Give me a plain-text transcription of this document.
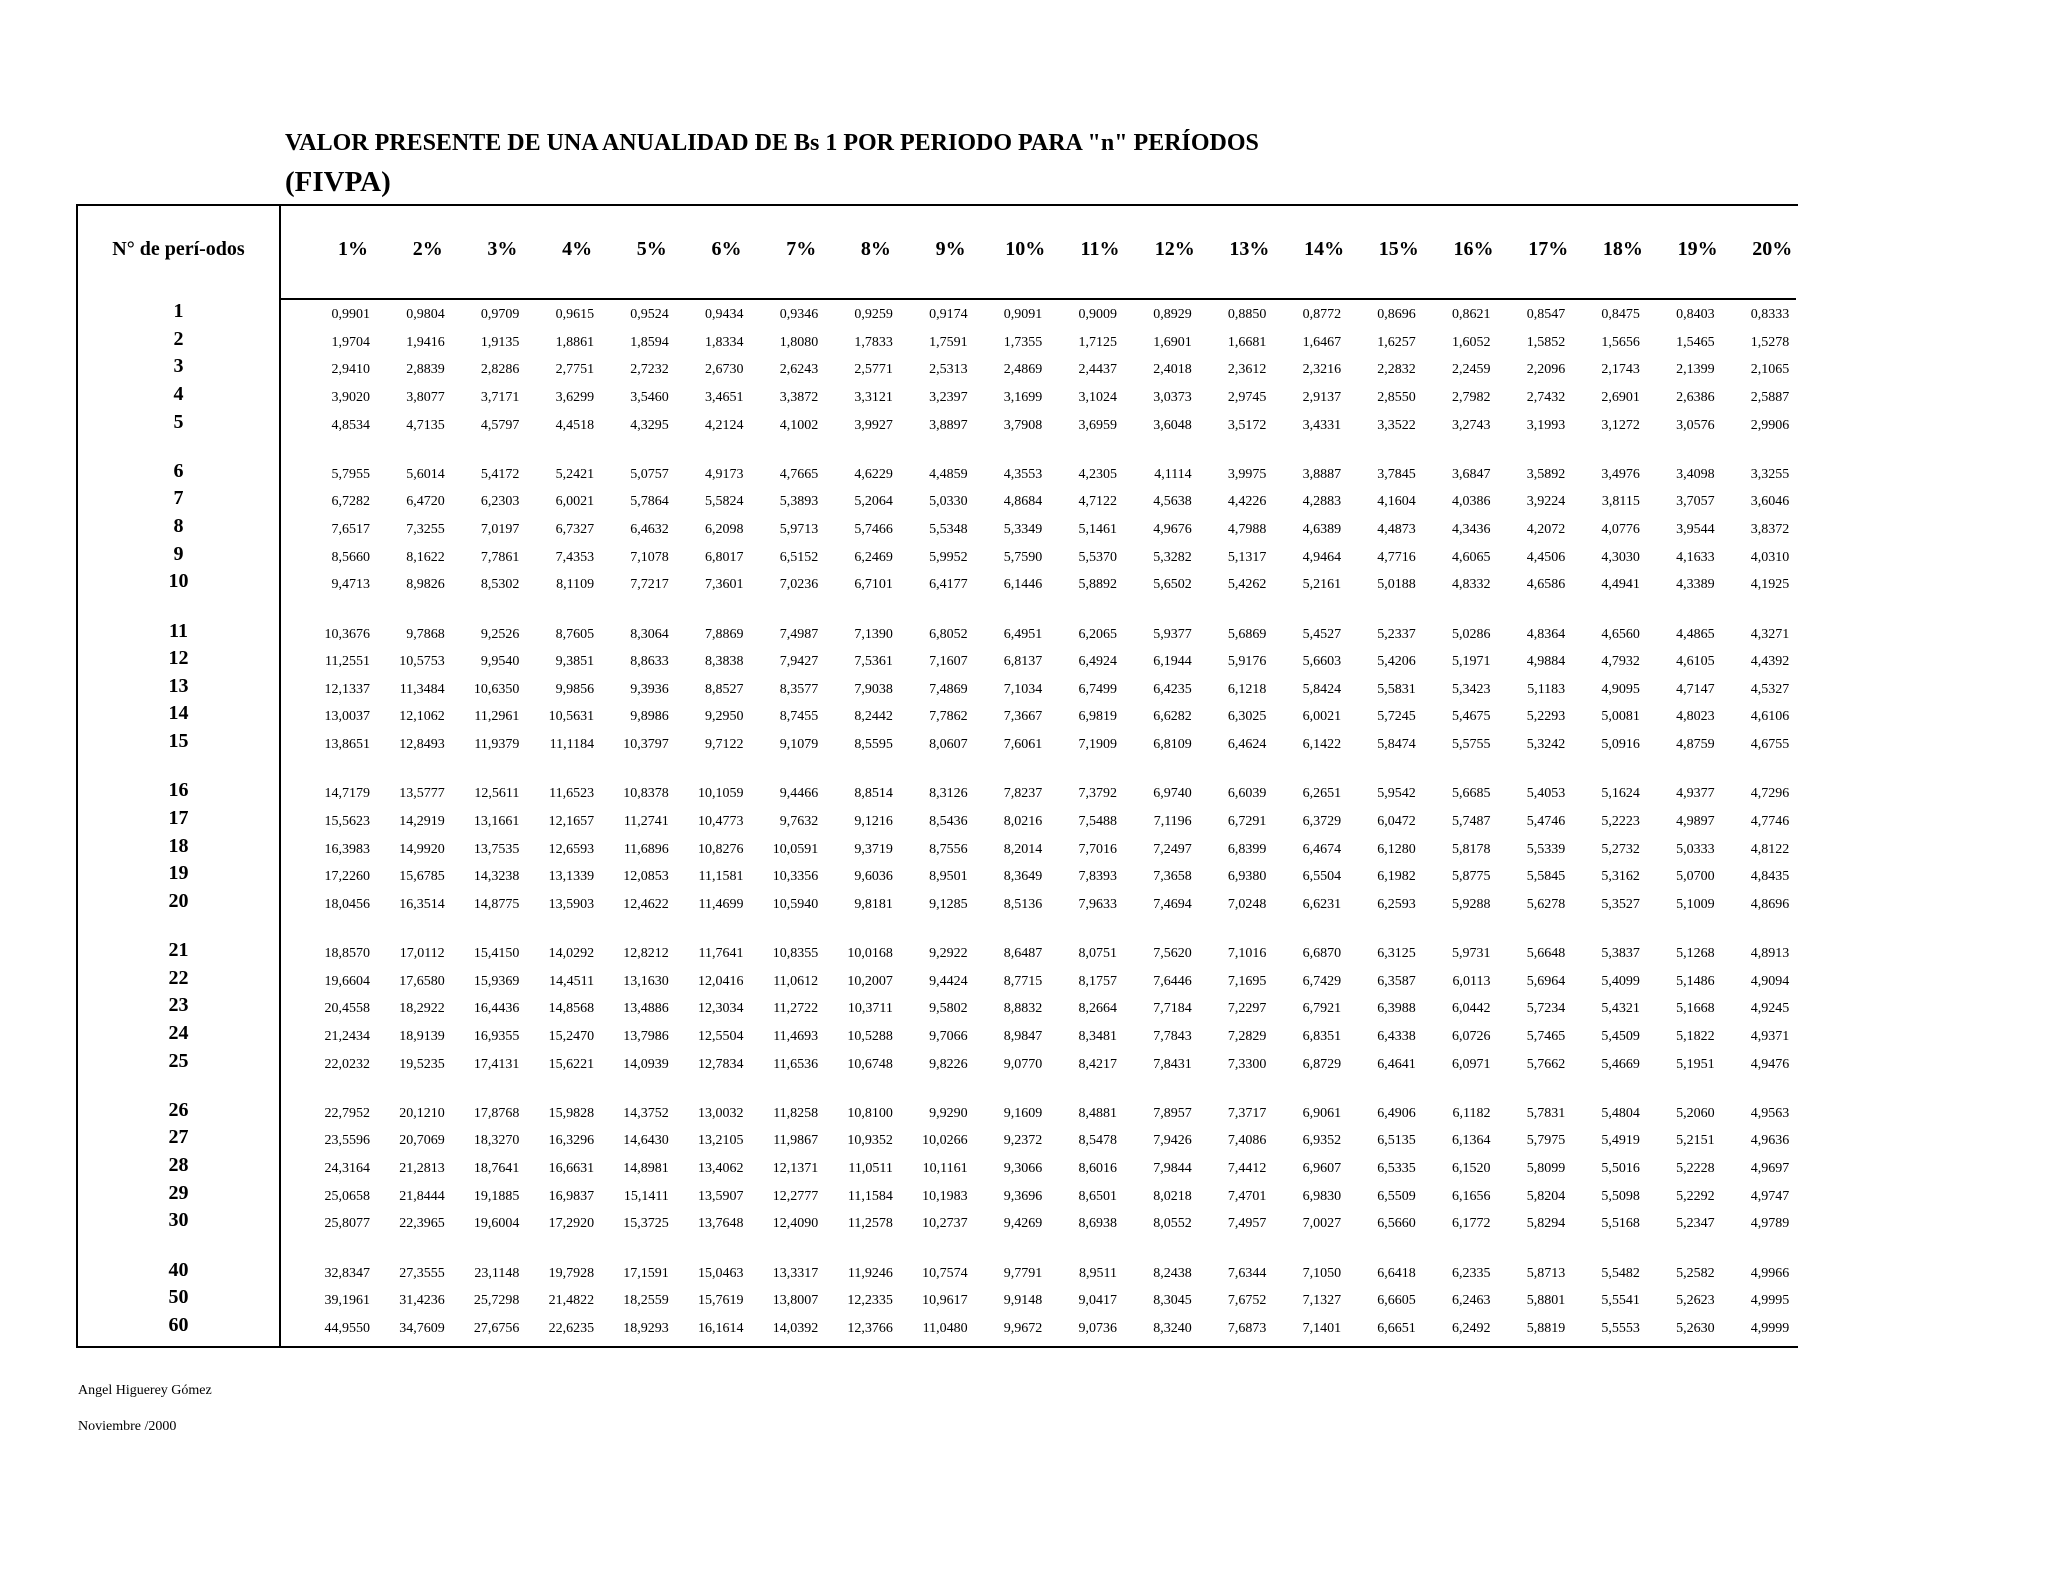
VALOR PRESENTE DE UNA ANUALIDAD DE Bs 1 POR PERIODO PARA "n" PERÍODOS
(FIVPA)
N° de perí-odos	1%	2%	3%	4%	5%	6%	7%	8%	9%	10%	11%	12%	13%	14%	15%	16%	17%	18%	19%	20%
1	0,9901	0,9804	0,9709	0,9615	0,9524	0,9434	0,9346	0,9259	0,9174	0,9091	0,9009	0,8929	0,8850	0,8772	0,8696	0,8621	0,8547	0,8475	0,8403	0,8333
2	1,9704	1,9416	1,9135	1,8861	1,8594	1,8334	1,8080	1,7833	1,7591	1,7355	1,7125	1,6901	1,6681	1,6467	1,6257	1,6052	1,5852	1,5656	1,5465	1,5278
3	2,9410	2,8839	2,8286	2,7751	2,7232	2,6730	2,6243	2,5771	2,5313	2,4869	2,4437	2,4018	2,3612	2,3216	2,2832	2,2459	2,2096	2,1743	2,1399	2,1065
4	3,9020	3,8077	3,7171	3,6299	3,5460	3,4651	3,3872	3,3121	3,2397	3,1699	3,1024	3,0373	2,9745	2,9137	2,8550	2,7982	2,7432	2,6901	2,6386	2,5887
5	4,8534	4,7135	4,5797	4,4518	4,3295	4,2124	4,1002	3,9927	3,8897	3,7908	3,6959	3,6048	3,5172	3,4331	3,3522	3,2743	3,1993	3,1272	3,0576	2,9906
6	5,7955	5,6014	5,4172	5,2421	5,0757	4,9173	4,7665	4,6229	4,4859	4,3553	4,2305	4,1114	3,9975	3,8887	3,7845	3,6847	3,5892	3,4976	3,4098	3,3255
7	6,7282	6,4720	6,2303	6,0021	5,7864	5,5824	5,3893	5,2064	5,0330	4,8684	4,7122	4,5638	4,4226	4,2883	4,1604	4,0386	3,9224	3,8115	3,7057	3,6046
8	7,6517	7,3255	7,0197	6,7327	6,4632	6,2098	5,9713	5,7466	5,5348	5,3349	5,1461	4,9676	4,7988	4,6389	4,4873	4,3436	4,2072	4,0776	3,9544	3,8372
9	8,5660	8,1622	7,7861	7,4353	7,1078	6,8017	6,5152	6,2469	5,9952	5,7590	5,5370	5,3282	5,1317	4,9464	4,7716	4,6065	4,4506	4,3030	4,1633	4,0310
10	9,4713	8,9826	8,5302	8,1109	7,7217	7,3601	7,0236	6,7101	6,4177	6,1446	5,8892	5,6502	5,4262	5,2161	5,0188	4,8332	4,6586	4,4941	4,3389	4,1925
11	10,3676	9,7868	9,2526	8,7605	8,3064	7,8869	7,4987	7,1390	6,8052	6,4951	6,2065	5,9377	5,6869	5,4527	5,2337	5,0286	4,8364	4,6560	4,4865	4,3271
12	11,2551	10,5753	9,9540	9,3851	8,8633	8,3838	7,9427	7,5361	7,1607	6,8137	6,4924	6,1944	5,9176	5,6603	5,4206	5,1971	4,9884	4,7932	4,6105	4,4392
13	12,1337	11,3484	10,6350	9,9856	9,3936	8,8527	8,3577	7,9038	7,4869	7,1034	6,7499	6,4235	6,1218	5,8424	5,5831	5,3423	5,1183	4,9095	4,7147	4,5327
14	13,0037	12,1062	11,2961	10,5631	9,8986	9,2950	8,7455	8,2442	7,7862	7,3667	6,9819	6,6282	6,3025	6,0021	5,7245	5,4675	5,2293	5,0081	4,8023	4,6106
15	13,8651	12,8493	11,9379	11,1184	10,3797	9,7122	9,1079	8,5595	8,0607	7,6061	7,1909	6,8109	6,4624	6,1422	5,8474	5,5755	5,3242	5,0916	4,8759	4,6755
16	14,7179	13,5777	12,5611	11,6523	10,8378	10,1059	9,4466	8,8514	8,3126	7,8237	7,3792	6,9740	6,6039	6,2651	5,9542	5,6685	5,4053	5,1624	4,9377	4,7296
17	15,5623	14,2919	13,1661	12,1657	11,2741	10,4773	9,7632	9,1216	8,5436	8,0216	7,5488	7,1196	6,7291	6,3729	6,0472	5,7487	5,4746	5,2223	4,9897	4,7746
18	16,3983	14,9920	13,7535	12,6593	11,6896	10,8276	10,0591	9,3719	8,7556	8,2014	7,7016	7,2497	6,8399	6,4674	6,1280	5,8178	5,5339	5,2732	5,0333	4,8122
19	17,2260	15,6785	14,3238	13,1339	12,0853	11,1581	10,3356	9,6036	8,9501	8,3649	7,8393	7,3658	6,9380	6,5504	6,1982	5,8775	5,5845	5,3162	5,0700	4,8435
20	18,0456	16,3514	14,8775	13,5903	12,4622	11,4699	10,5940	9,8181	9,1285	8,5136	7,9633	7,4694	7,0248	6,6231	6,2593	5,9288	5,6278	5,3527	5,1009	4,8696
21	18,8570	17,0112	15,4150	14,0292	12,8212	11,7641	10,8355	10,0168	9,2922	8,6487	8,0751	7,5620	7,1016	6,6870	6,3125	5,9731	5,6648	5,3837	5,1268	4,8913
22	19,6604	17,6580	15,9369	14,4511	13,1630	12,0416	11,0612	10,2007	9,4424	8,7715	8,1757	7,6446	7,1695	6,7429	6,3587	6,0113	5,6964	5,4099	5,1486	4,9094
23	20,4558	18,2922	16,4436	14,8568	13,4886	12,3034	11,2722	10,3711	9,5802	8,8832	8,2664	7,7184	7,2297	6,7921	6,3988	6,0442	5,7234	5,4321	5,1668	4,9245
24	21,2434	18,9139	16,9355	15,2470	13,7986	12,5504	11,4693	10,5288	9,7066	8,9847	8,3481	7,7843	7,2829	6,8351	6,4338	6,0726	5,7465	5,4509	5,1822	4,9371
25	22,0232	19,5235	17,4131	15,6221	14,0939	12,7834	11,6536	10,6748	9,8226	9,0770	8,4217	7,8431	7,3300	6,8729	6,4641	6,0971	5,7662	5,4669	5,1951	4,9476
26	22,7952	20,1210	17,8768	15,9828	14,3752	13,0032	11,8258	10,8100	9,9290	9,1609	8,4881	7,8957	7,3717	6,9061	6,4906	6,1182	5,7831	5,4804	5,2060	4,9563
27	23,5596	20,7069	18,3270	16,3296	14,6430	13,2105	11,9867	10,9352	10,0266	9,2372	8,5478	7,9426	7,4086	6,9352	6,5135	6,1364	5,7975	5,4919	5,2151	4,9636
28	24,3164	21,2813	18,7641	16,6631	14,8981	13,4062	12,1371	11,0511	10,1161	9,3066	8,6016	7,9844	7,4412	6,9607	6,5335	6,1520	5,8099	5,5016	5,2228	4,9697
29	25,0658	21,8444	19,1885	16,9837	15,1411	13,5907	12,2777	11,1584	10,1983	9,3696	8,6501	8,0218	7,4701	6,9830	6,5509	6,1656	5,8204	5,5098	5,2292	4,9747
30	25,8077	22,3965	19,6004	17,2920	15,3725	13,7648	12,4090	11,2578	10,2737	9,4269	8,6938	8,0552	7,4957	7,0027	6,5660	6,1772	5,8294	5,5168	5,2347	4,9789
40	32,8347	27,3555	23,1148	19,7928	17,1591	15,0463	13,3317	11,9246	10,7574	9,7791	8,9511	8,2438	7,6344	7,1050	6,6418	6,2335	5,8713	5,5482	5,2582	4,9966
50	39,1961	31,4236	25,7298	21,4822	18,2559	15,7619	13,8007	12,2335	10,9617	9,9148	9,0417	8,3045	7,6752	7,1327	6,6605	6,2463	5,8801	5,5541	5,2623	4,9995
60	44,9550	34,7609	27,6756	22,6235	18,9293	16,1614	14,0392	12,3766	11,0480	9,9672	9,0736	8,3240	7,6873	7,1401	6,6651	6,2492	5,8819	5,5553	5,2630	4,9999
Angel Higuerey Gómez
Noviembre /2000
